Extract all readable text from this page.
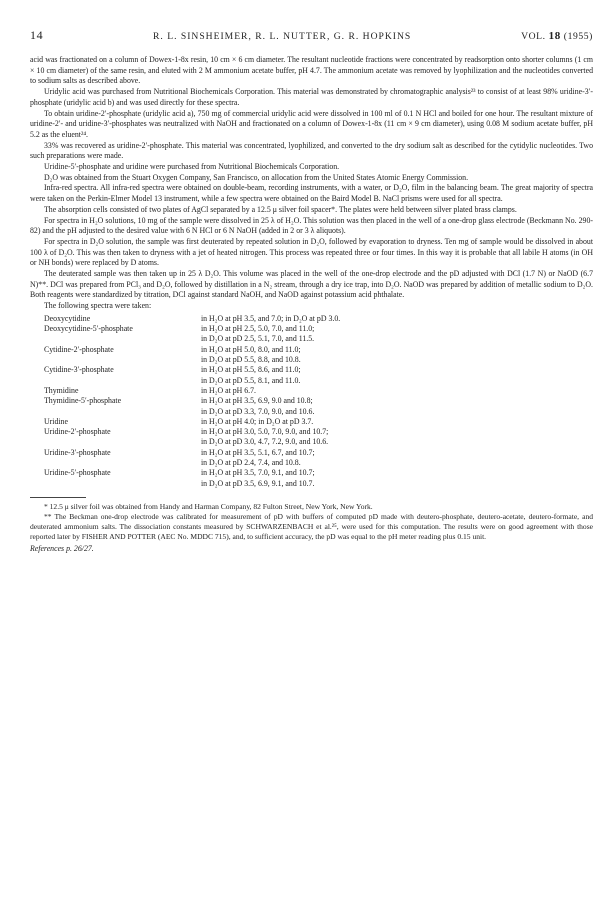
14	R. L. SINSHEIMER, R. L. NUTTER, G. R. HOPKINS	VOL. 18 (1955)

acid was fractionated on a column of Dowex-1-8x resin, 10 cm × 6 cm diameter. The resultant nucleotide fractions were concentrated by readsorption onto shorter columns (1 cm × 10 cm diameter) of the same resin, and eluted with 2 M ammonium acetate buffer, pH 4.7. The ammonium acetate was removed by lyophilization and the nucleotides converted to sodium salts as described above.

Uridylic acid was purchased from Nutritional Biochemicals Corporation. This material was demonstrated by chromatographic analysis²³ to consist of at least 98% uridine-3′-phosphate (uridylic acid b) and was used directly for these spectra.

To obtain uridine-2′-phosphate (uridylic acid a), 750 mg of commercial uridylic acid were dissolved in 100 ml of 0.1 N HCl and boiled for one hour. The resultant mixture of uridine-2′- and uridine-3′-phosphates was neutralized with NaOH and fractionated on a column of Dowex-1-8x (11 cm × 9 cm diameter), using 0.08 M sodium acetate buffer, pH 5.2 as the eluent²⁴.

33% was recovered as uridine-2′-phosphate. This material was concentrated, lyophilized, and converted to the dry sodium salt as described for the cytidylic nucleotides. Two such preparations were made.

Uridine-5′-phosphate and uridine were purchased from Nutritional Biochemicals Corporation.

D₂O was obtained from the Stuart Oxygen Company, San Francisco, on allocation from the United States Atomic Energy Commission.

Infra-red spectra. All infra-red spectra were obtained on double-beam, recording instruments, with a water, or D₂O, film in the balancing beam. The great majority of spectra were taken on the Perkin-Elmer Model 13 instrument, while a few spectra were obtained on the Baird Model B. NaCl prisms were used for all spectra.

The absorption cells consisted of two plates of AgCl separated by a 12.5 μ silver foil spacer*. The plates were held between silver plated brass clamps.

For spectra in H₂O solutions, 10 mg of the sample were dissolved in 25 λ of H₂O. This solution was then placed in the well of a one-drop glass electrode (Beckmann No. 290-82) and the pH adjusted to the desired value with 6 N HCl or 6 N NaOH (added in 2 or 3 λ aliquots).

For spectra in D₂O solution, the sample was first deuterated by repeated solution in D₂O, followed by evaporation to dryness. Ten mg of sample would be dissolved in about 100 λ of D₂O. This was then taken to dryness with a jet of heated nitrogen. This process was repeated three or four times. In this way it is probable that all labile H atoms (in OH or NH bonds) were replaced by D atoms.

The deuterated sample was then taken up in 25 λ D₂O. This volume was placed in the well of the one-drop electrode and the pD adjusted with DCl (1.7 N) or NaOD (6.7 N)**. DCl was prepared from PCl₃ and D₂O, followed by distillation in a N₂ stream, through a dry ice trap, into D₂O. NaOD was prepared by addition of metallic sodium to D₂O. Both reagents were standardized by titration, DCl against standard NaOH, and NaOD against potassium acid phthalate.

The following spectra were taken:

Deoxycytidine	in H₂O at pH 3.5, and 7.0; in D₂O at pD 3.0.
Deoxycytidine-5′-phosphate	in H₂O at pH 2.5, 5.0, 7.0, and 11.0;
in D₂O at pD 2.5, 5.1, 7.0, and 11.5.
Cytidine-2′-phosphate	in H₂O at pH 5.0, 8.0, and 11.0;
in D₂O at pD 5.5, 8.8, and 10.8.
Cytidine-3′-phosphate	in H₂O at pH 5.5, 8.6, and 11.0;
in D₂O at pD 5.5, 8.1, and 11.0.
Thymidine	in H₂O at pH 6.7.
Thymidine-5′-phosphate	in H₂O at pH 3.5, 6.9, 9.0 and 10.8;
in D₂O at pD 3.3, 7.0, 9.0, and 10.6.
Uridine	in H₂O at pH 4.0; in D₂O at pD 3.7.
Uridine-2′-phosphate	in H₂O at pH 3.0, 5.0, 7.0, 9.0, and 10.7;
in D₂O at pD 3.0, 4.7, 7.2, 9.0, and 10.6.
Uridine-3′-phosphate	in H₂O at pH 3.5, 5.1, 6.7, and 10.7;
in D₂O at pD 2.4, 7.4, and 10.8.
Uridine-5′-phosphate	in H₂O at pH 3.5, 7.0, 9.1, and 10.7;
in D₂O at pD 3.5, 6.9, 9.1, and 10.7.

* 12.5 μ silver foil was obtained from Handy and Harman Company, 82 Fulton Street, New York, New York.

** The Beckman one-drop electrode was calibrated for measurement of pD with buffers of computed pD made with deutero-phosphate, deutero-acetate, deutero-formate, and deuterated ammonium salts. The dissociation constants measured by SCHWARZENBACH et al.²⁵, were used for this computation. The results were on good agreement with those reported later by FISHER AND POTTER (AEC No. MDDC 715), and, to sufficient accuracy, the pD was equal to the pH meter reading plus 0.15 unit.

References p. 26/27.
